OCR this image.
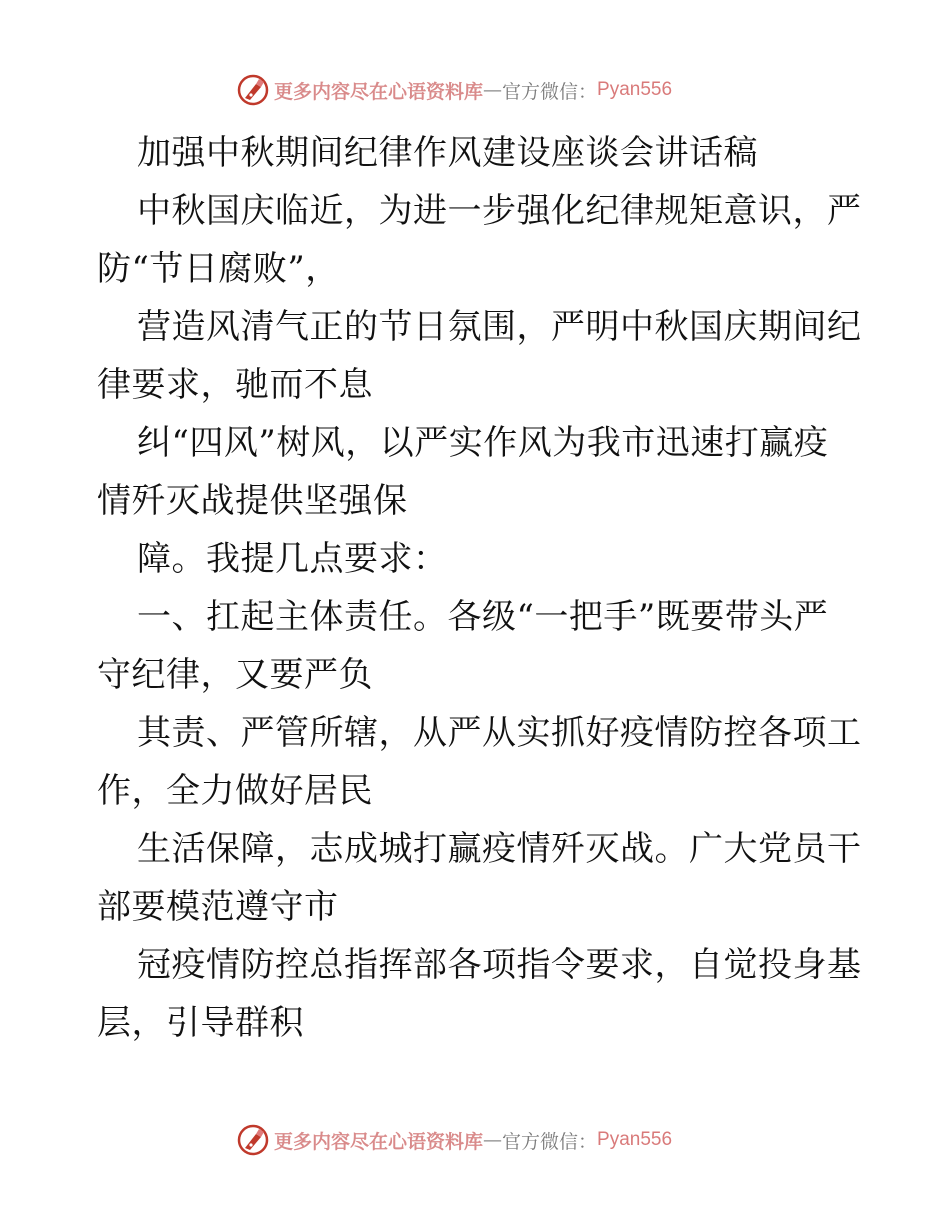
更多内容尽在心语资料库 — 官方微信： Pyan556
加强中秋期间纪律作风建设座谈会讲话稿
中秋国庆临近，为进一步强化纪律规矩意识，严
防“节日腐败”，
营造风清气正的节日氛围，严明中秋国庆期间纪
律要求，驰而不息
纠“四风”树风，以严实作风为我市迅速打赢疫
情歼灭战提供坚强保
障。我提几点要求：
一、扛起主体责任。各级“一把手”既要带头严
守纪律，又要严负
其责、严管所辖，从严从实抓好疫情防控各项工
作，全力做好居民
生活保障，志成城打赢疫情歼灭战。广大党员干
部要模范遵守市
冠疫情防控总指挥部各项指令要求，自觉投身基
层，引导群积
更多内容尽在心语资料库 — 官方微信： Pyan556
